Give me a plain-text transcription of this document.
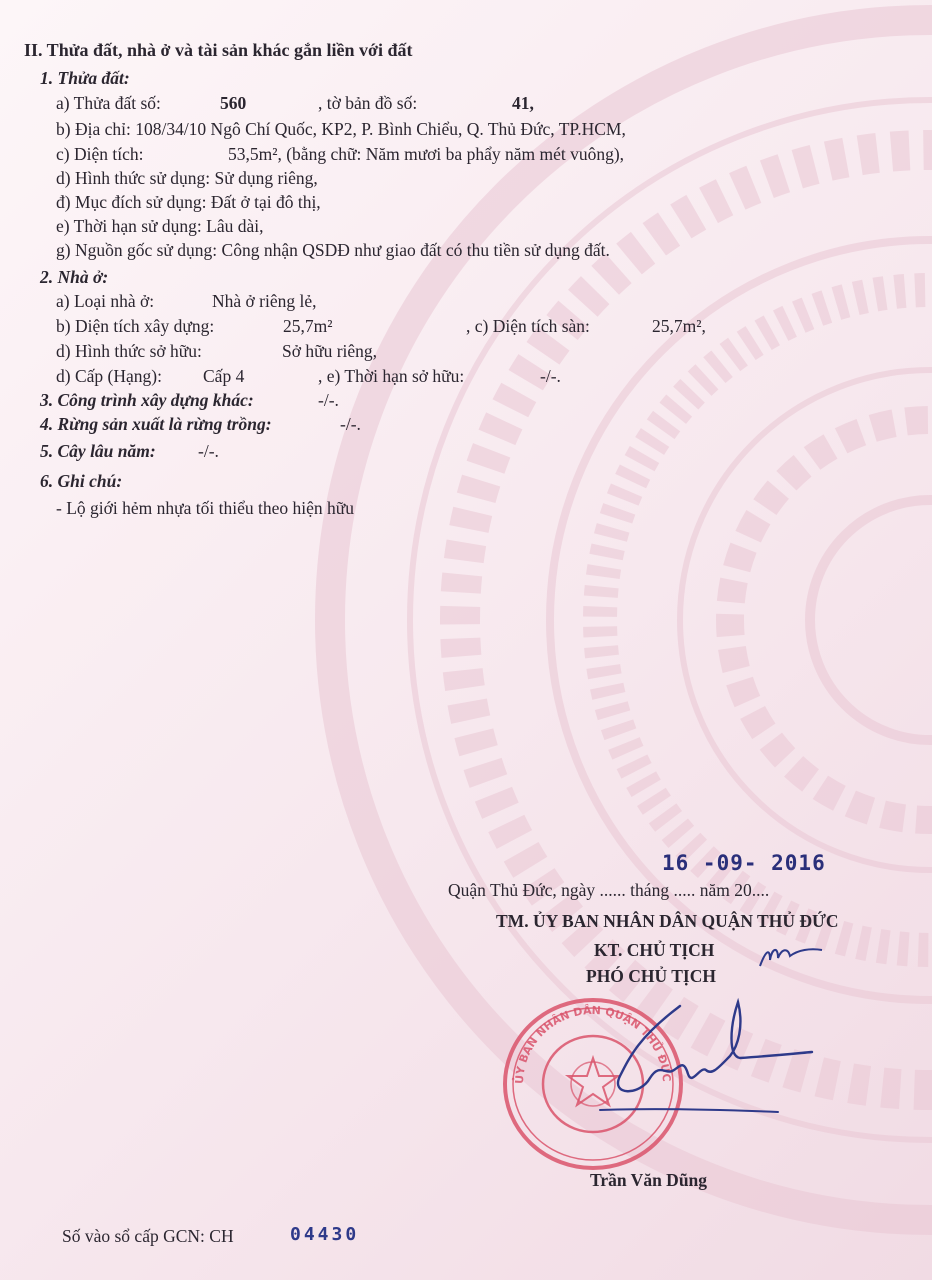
II. Thửa đất, nhà ở và tài sản khác gắn liền với đất
1. Thửa đất:
a) Thửa đất số:	560	, tờ bản đồ số:	41,
b) Địa chỉ: 108/34/10 Ngô Chí Quốc, KP2, P. Bình Chiểu, Q. Thủ Đức, TP.HCM,
c) Diện tích:	53,5m², (bằng chữ: Năm mươi ba phẩy năm mét vuông),
d) Hình thức sử dụng: Sử dụng riêng,
đ) Mục đích sử dụng: Đất ở tại đô thị,
e) Thời hạn sử dụng: Lâu dài,
g) Nguồn gốc sử dụng: Công nhận QSDĐ như giao đất có thu tiền sử dụng đất.
2. Nhà ở:
a) Loại nhà ở:	Nhà ở riêng lẻ,
b) Diện tích xây dựng:	25,7m²	, c) Diện tích sàn:	25,7m²,
d) Hình thức sở hữu:	Sở hữu riêng,
d) Cấp (Hạng): Cấp 4	, e) Thời hạn sở hữu:	-/-.
3. Công trình xây dựng khác:	-/-.
4. Rừng sản xuất là rừng trồng:	-/-.
5. Cây lâu năm: -/-.
6. Ghi chú:
- Lộ giới hẻm nhựa tối thiểu theo hiện hữu
16 -09- 2016
Quận Thủ Đức, ngày ...... tháng ..... năm 20....
TM. ỦY BAN NHÂN DÂN QUẬN THỦ ĐỨC
KT. CHỦ TỊCH
PHÓ CHỦ TỊCH
ỦY BAN NHÂN DÂN QUẬN THỦ ĐỨC
Trần Văn Dũng
Số vào sổ cấp GCN: CH	04430
